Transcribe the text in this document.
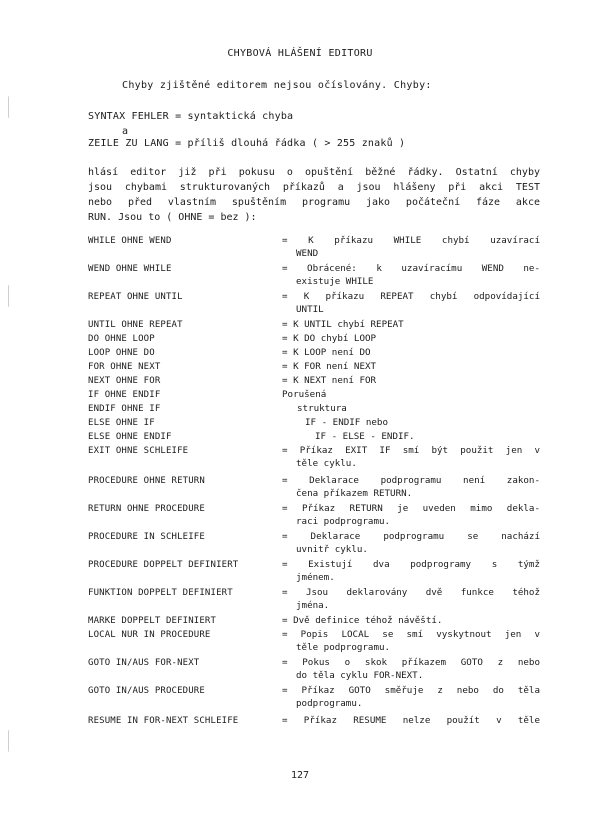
CHYBOVÁ HLÁŠENÍ EDITORU
Chyby zjištěné editorem nejsou očíslovány. Chyby:
SYNTAX FEHLER = syntaktická chyba
a
ZEILE ZU LANG = příliš dlouhá řádka ( > 255 znaků )
hlásí editor již při pokusu o opuštění běžné řádky. Ostatní chyby
jsou chybami strukturovaných příkazů a jsou hlášeny při akci TEST
nebo před vlastním spuštěním programu jako počáteční fáze akce
RUN. Jsou to ( OHNE = bez ):
WHILE OHNE WEND	= K příkazu WHILE chybí uzavírací
WEND
WEND OHNE WHILE	= Obrácené: k uzavíracímu WEND ne-
existuje WHILE
REPEAT OHNE UNTIL	= K příkazu REPEAT chybí odpovídající
UNTIL
UNTIL OHNE REPEAT	= K UNTIL chybí REPEAT
DO OHNE LOOP	= K DO chybí LOOP
LOOP OHNE DO	= K LOOP není DO
FOR OHNE NEXT	= K FOR není NEXT
NEXT OHNE FOR	= K NEXT není FOR
IF OHNE ENDIF	Porušená
ENDIF OHNE IF	struktura
ELSE OHNE IF	IF - ENDIF nebo
ELSE OHNE ENDIF	IF - ELSE - ENDIF.
EXIT OHNE SCHLEIFE	= Příkaz EXIT IF smí být použit jen v
těle cyklu.
PROCEDURE OHNE RETURN	= Deklarace podprogramu není zakon-
čena příkazem RETURN.
RETURN OHNE PROCEDURE	= Příkaz RETURN je uveden mimo dekla-
raci podprogramu.
PROCEDURE IN SCHLEIFE	= Deklarace podprogramu se nachází
uvnitř cyklu.
PROCEDURE DOPPELT DEFINIERT	= Existují dva podprogramy s týmž
jménem.
FUNKTION DOPPELT DEFINIERT	= Jsou deklarovány dvě funkce téhož
jména.
MARKE DOPPELT DEFINIERT	= Dvě definice téhož návěští.
LOCAL NUR IN PROCEDURE	= Popis LOCAL se smí vyskytnout jen v
těle podprogramu.
GOTO IN/AUS FOR-NEXT	= Pokus o skok příkazem GOTO z nebo
do těla cyklu FOR-NEXT.
GOTO IN/AUS PROCEDURE	= Příkaz GOTO směřuje z nebo do těla
podprogramu.
RESUME IN FOR-NEXT SCHLEIFE	= Příkaz RESUME nelze použít v těle
127
